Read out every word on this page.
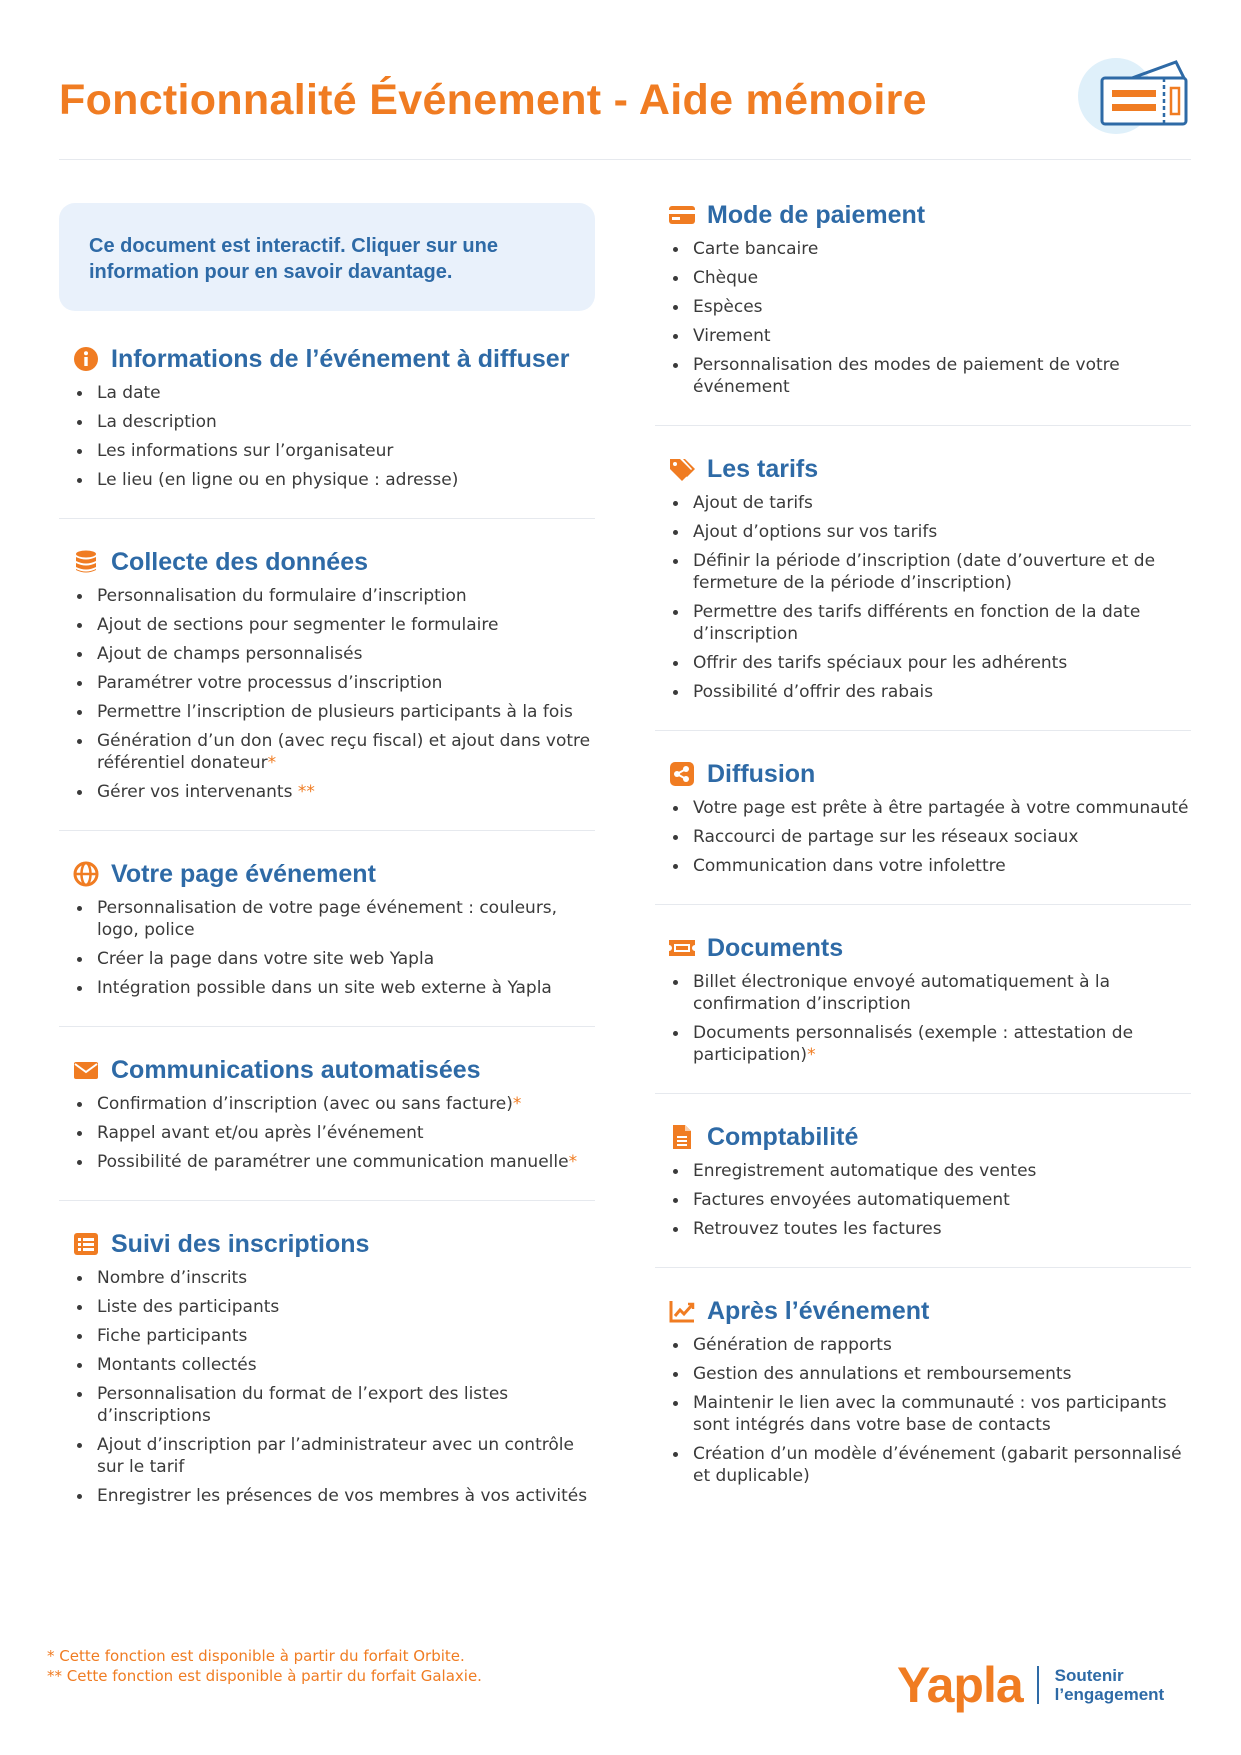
Fonctionnalité Événement - Aide mémoire

Ce document est interactif. Cliquer sur une information pour en savoir davantage.

Informations de l’événement à diffuser
La date
La description
Les informations sur l’organisateur
Le lieu (en ligne ou en physique : adresse)
Collecte des données
Personnalisation du formulaire d’inscription
Ajout de sections pour segmenter le formulaire
Ajout de champs personnalisés
Paramétrer votre processus d’inscription
Permettre l’inscription de plusieurs participants à la fois
Génération d’un don (avec reçu fiscal) et ajout dans votre référentiel donateur*
Gérer vos intervenants **
Votre page événement
Personnalisation de votre page événement : couleurs, logo, police
Créer la page dans votre site web Yapla
Intégration possible dans un site web externe à Yapla
Communications automatisées
Confirmation d’inscription (avec ou sans facture)*
Rappel avant et/ou après l’événement
Possibilité de paramétrer une communication manuelle*
Suivi des inscriptions
Nombre d’inscrits
Liste des participants
Fiche participants
Montants collectés
Personnalisation du format de l’export des listes d’inscriptions
Ajout d’inscription par l’administrateur avec un contrôle sur le tarif
Enregistrer les présences de vos membres à vos activités
Mode de paiement
Carte bancaire
Chèque
Espèces
Virement
Personnalisation des modes de paiement de votre événement
Les tarifs
Ajout de tarifs
Ajout d’options sur vos tarifs
Définir la période d’inscription (date d’ouverture et de fermeture de la période d’inscription)
Permettre des tarifs différents en fonction de la date d’inscription
Offrir des tarifs spéciaux pour les adhérents
Possibilité d’offrir des rabais
Diffusion
Votre page est prête à être partagée à votre communauté
Raccourci de partage sur les réseaux sociaux
Communication dans votre infolettre
Documents
Billet électronique envoyé automatiquement à la confirmation d’inscription
Documents personnalisés (exemple : attestation de participation)*
Comptabilité
Enregistrement automatique des ventes
Factures envoyées automatiquement
Retrouvez toutes les factures
Après l’événement
Génération de rapports
Gestion des annulations et remboursements
Maintenir le lien avec la communauté : vos participants sont intégrés dans votre base de contacts
Création d’un modèle d’événement (gabarit personnalisé et duplicable)

* Cette fonction est disponible à partir du forfait Orbite.

** Cette fonction est disponible à partir du forfait Galaxie.	Yapla Soutenir
l’engagement
